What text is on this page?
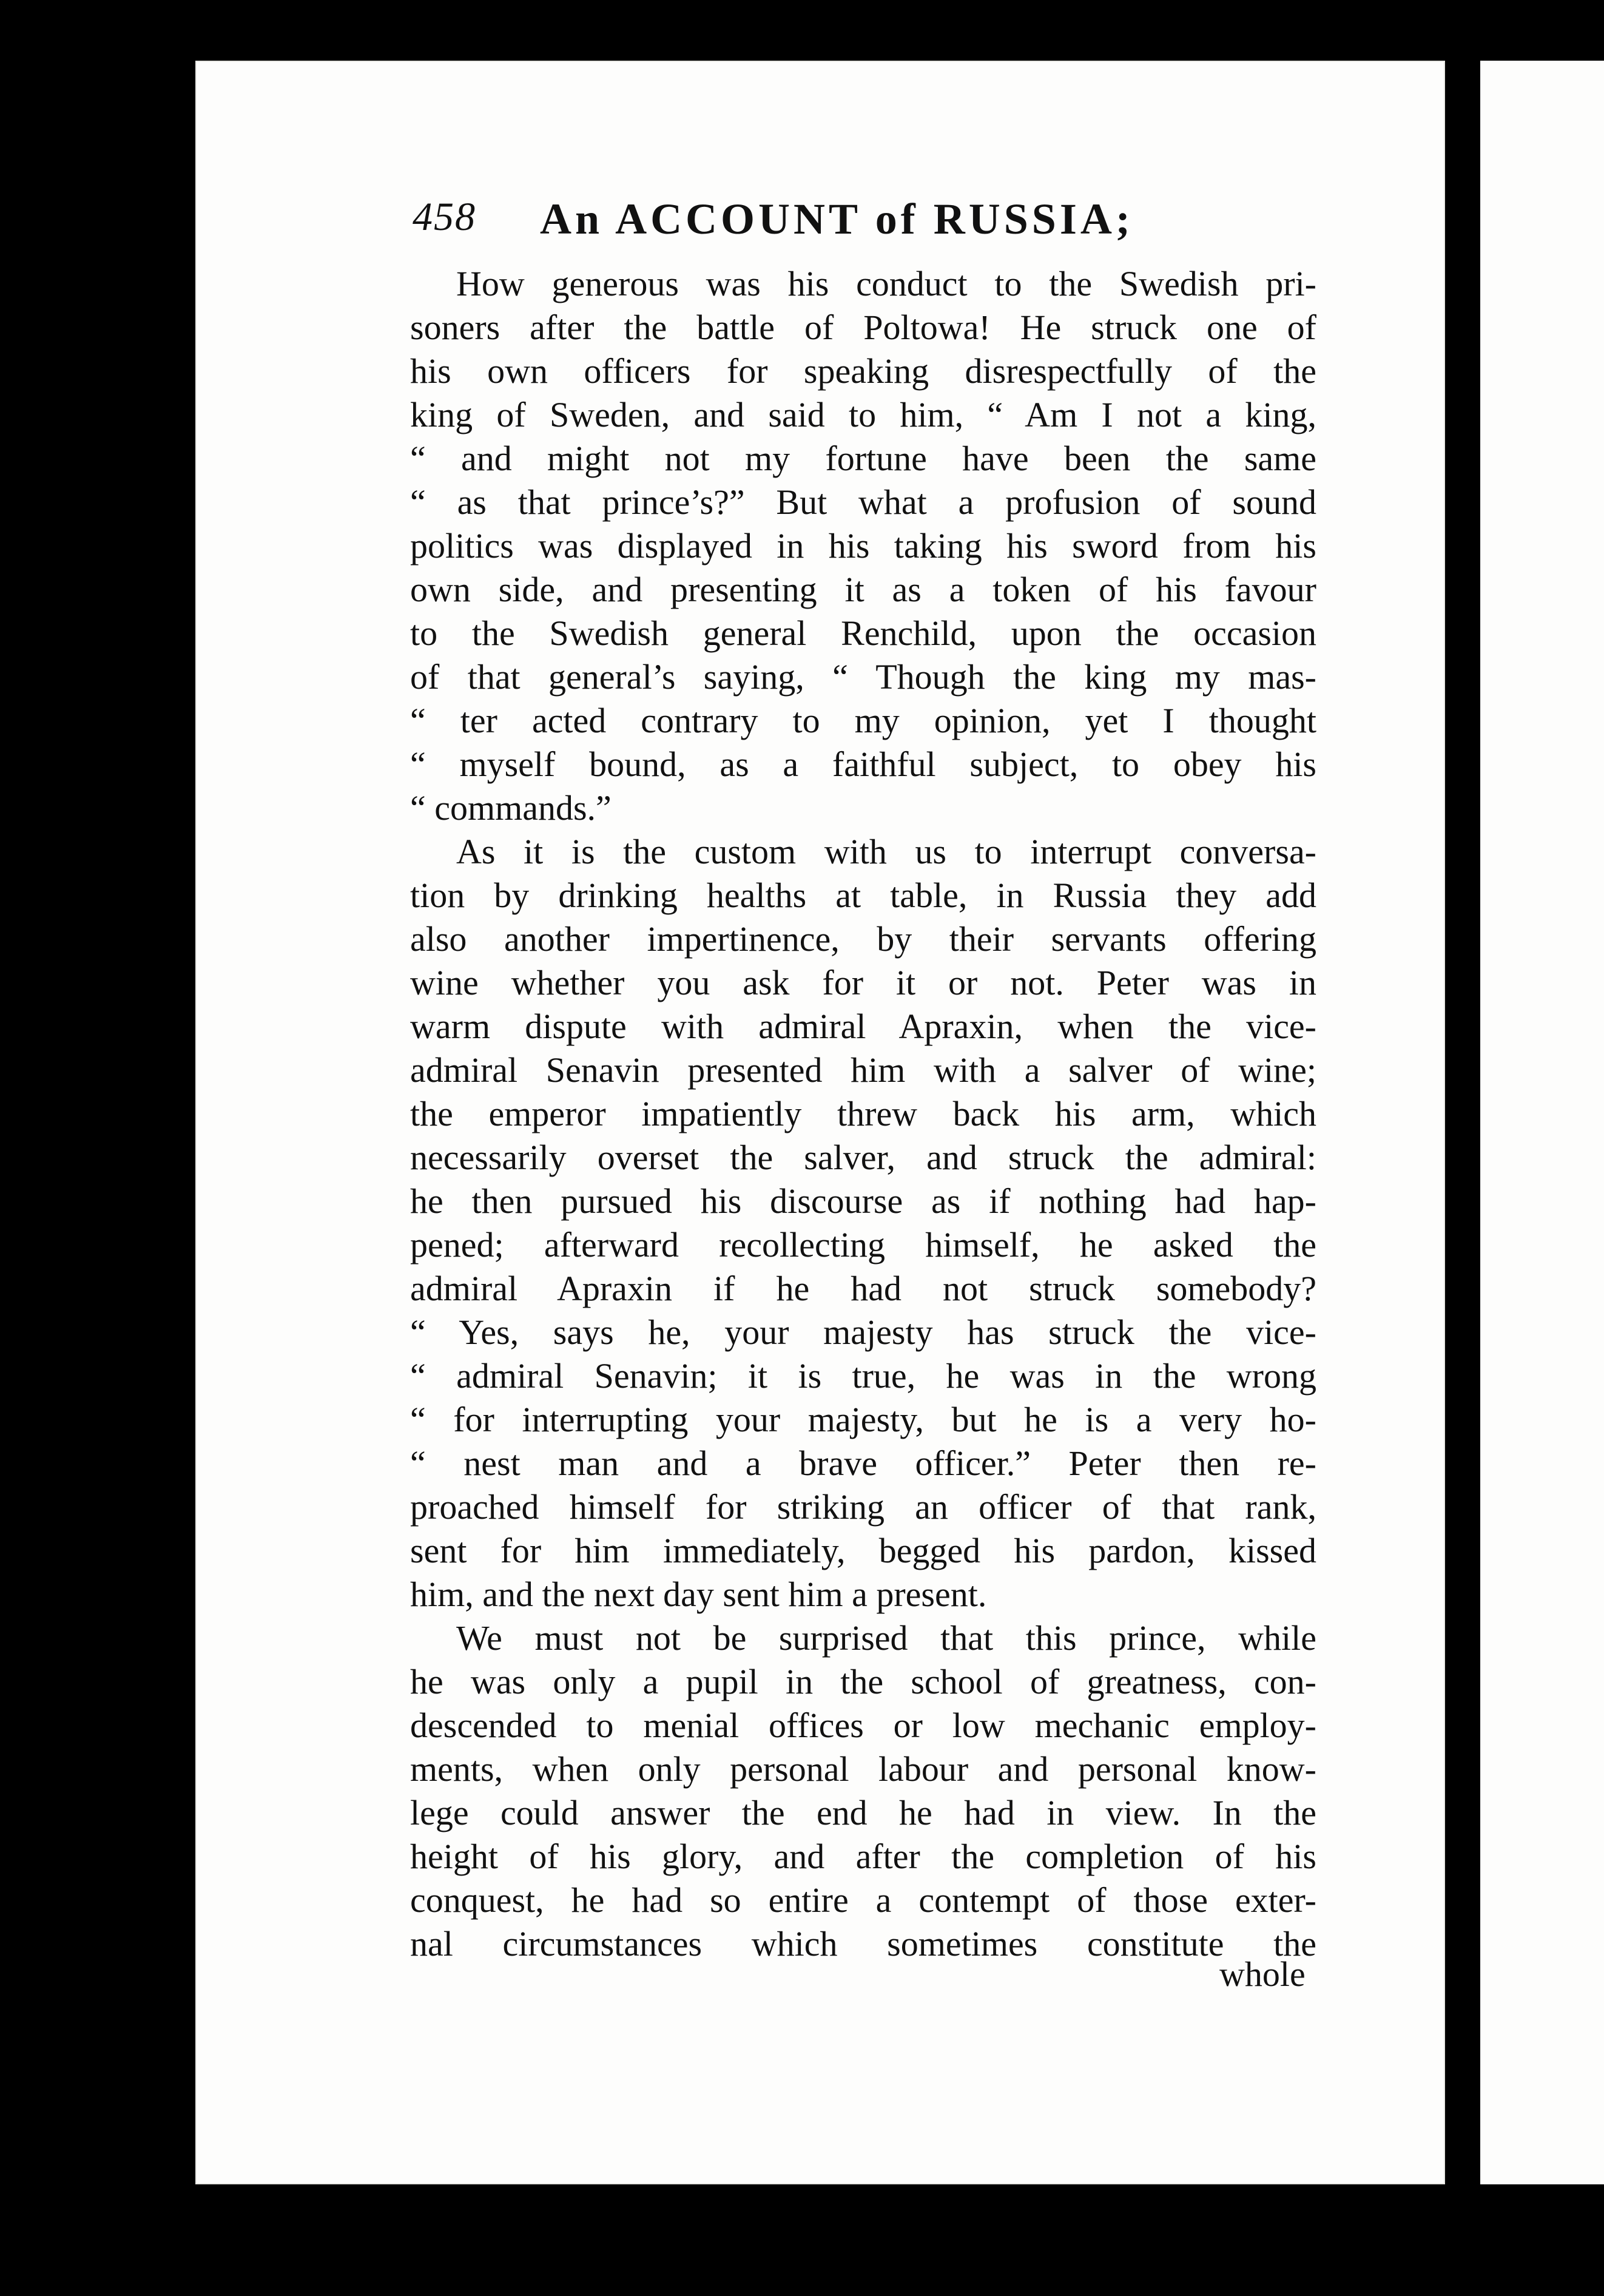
458 An ACCOUNT of RUSSIA;
How generous was his conduct to the Swedish pri-
soners after the battle of Poltowa! He struck one of
his own officers for speaking disrespectfully of the
king of Sweden, and said to him, “ Am I not a king,
“ and might not my fortune have been the same
“ as that prince’s?” But what a profusion of sound
politics was displayed in his taking his sword from his
own side, and presenting it as a token of his favour
to the Swedish general Renchild, upon the occasion
of that general’s saying, “ Though the king my mas-
“ ter acted contrary to my opinion, yet I thought
“ myself bound, as a faithful subject, to obey his
“ commands.”
As it is the custom with us to interrupt conversa-
tion by drinking healths at table, in Russia they add
also another impertinence, by their servants offering
wine whether you ask for it or not. Peter was in
warm dispute with admiral Apraxin, when the vice-
admiral Senavin presented him with a salver of wine;
the emperor impatiently threw back his arm, which
necessarily overset the salver, and struck the admiral:
he then pursued his discourse as if nothing had hap-
pened; afterward recollecting himself, he asked the
admiral Apraxin if he had not struck somebody?
“ Yes, says he, your majesty has struck the vice-
“ admiral Senavin; it is true, he was in the wrong
“ for interrupting your majesty, but he is a very ho-
“ nest man and a brave officer.” Peter then re-
proached himself for striking an officer of that rank,
sent for him immediately, begged his pardon, kissed
him, and the next day sent him a present.
We must not be surprised that this prince, while
he was only a pupil in the school of greatness, con-
descended to menial offices or low mechanic employ-
ments, when only personal labour and personal know-
lege could answer the end he had in view. In the
height of his glory, and after the completion of his
conquest, he had so entire a contempt of those exter-
nal circumstances which sometimes constitute the
whole
